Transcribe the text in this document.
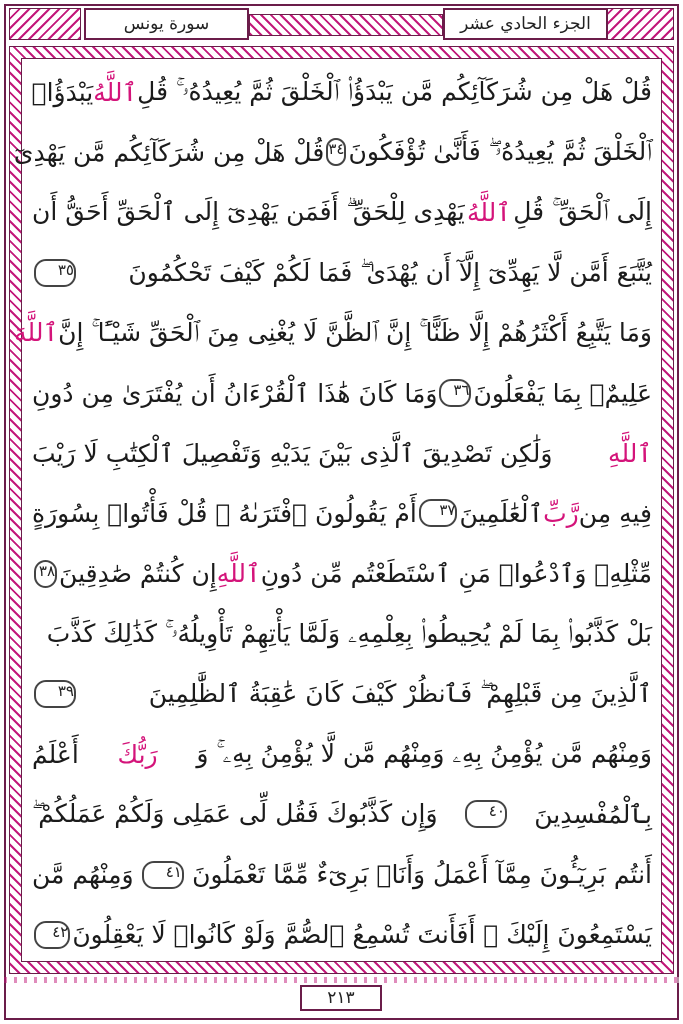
الجزء الحادي عشر
سورة يونس
قُلْ هَلْ مِن شُرَكَآئِكُم مَّن يَبْدَؤُا۟ ٱلْخَلْقَ ثُمَّ يُعِيدُهُۥ ۚ قُلِ
ٱللَّهُ
يَبْدَؤُا۟
ٱلْخَلْقَ ثُمَّ يُعِيدُهُۥ ۖ فَأَنَّىٰ تُؤْفَكُونَ
٣٤
قُلْ هَلْ مِن شُرَكَآئِكُم مَّن يَهْدِىٓ
إِلَى ٱلْحَقِّ ۚ قُلِ
ٱللَّهُ
يَهْدِى لِلْحَقِّ ۗ أَفَمَن يَهْدِىٓ إِلَى ٱلْحَقِّ أَحَقُّ أَن
يُتَّبَعَ أَمَّن لَّا يَهِدِّىٓ إِلَّآ أَن يُهْدَىٰ ۖ فَمَا لَكُمْ كَيْفَ تَحْكُمُونَ
٣٥
وَمَا يَتَّبِعُ أَكْثَرُهُمْ إِلَّا ظَنًّا ۚ إِنَّ ٱلظَّنَّ لَا يُغْنِى مِنَ ٱلْحَقِّ شَيْـًٔا ۚ إِنَّ
ٱللَّهَ
عَلِيمٌۢ بِمَا يَفْعَلُونَ
٣٦
وَمَا كَانَ هَٰذَا ٱلْقُرْءَانُ أَن يُفْتَرَىٰ مِن دُونِ
ٱللَّهِ
وَلَٰكِن تَصْدِيقَ ٱلَّذِى بَيْنَ يَدَيْهِ وَتَفْصِيلَ ٱلْكِتَٰبِ لَا رَيْبَ
فِيهِ مِن
رَّبِّ
ٱلْعَٰلَمِينَ
٣٧
أَمْ يَقُولُونَ ٱفْتَرَىٰهُ ۖ قُلْ فَأْتُوا۟ بِسُورَةٍ
مِّثْلِهِۦ وَٱدْعُوا۟ مَنِ ٱسْتَطَعْتُم مِّن دُونِ
ٱللَّهِ
إِن كُنتُمْ صَٰدِقِينَ
٣٨
بَلْ كَذَّبُوا۟ بِمَا لَمْ يُحِيطُوا۟ بِعِلْمِهِۦ وَلَمَّا يَأْتِهِمْ تَأْوِيلُهُۥ ۚ كَذَٰلِكَ كَذَّبَ
ٱلَّذِينَ مِن قَبْلِهِمْ ۖ فَٱنظُرْ كَيْفَ كَانَ عَٰقِبَةُ ٱلظَّٰلِمِينَ
٣٩
وَمِنْهُم مَّن يُؤْمِنُ بِهِۦ وَمِنْهُم مَّن لَّا يُؤْمِنُ بِهِۦ ۚ وَ
رَبُّكَ
أَعْلَمُ
بِٱلْمُفْسِدِينَ
٤٠
وَإِن كَذَّبُوكَ فَقُل لِّى عَمَلِى وَلَكُمْ عَمَلُكُمْ ۖ
أَنتُم بَرِيٓـُٔونَ مِمَّآ أَعْمَلُ وَأَنَا۠ بَرِىٓءٌ مِّمَّا تَعْمَلُونَ
٤١
وَمِنْهُم مَّن
يَسْتَمِعُونَ إِلَيْكَ ۚ أَفَأَنتَ تُسْمِعُ ٱلصُّمَّ وَلَوْ كَانُوا۟ لَا يَعْقِلُونَ
٤٢
٢١٣
